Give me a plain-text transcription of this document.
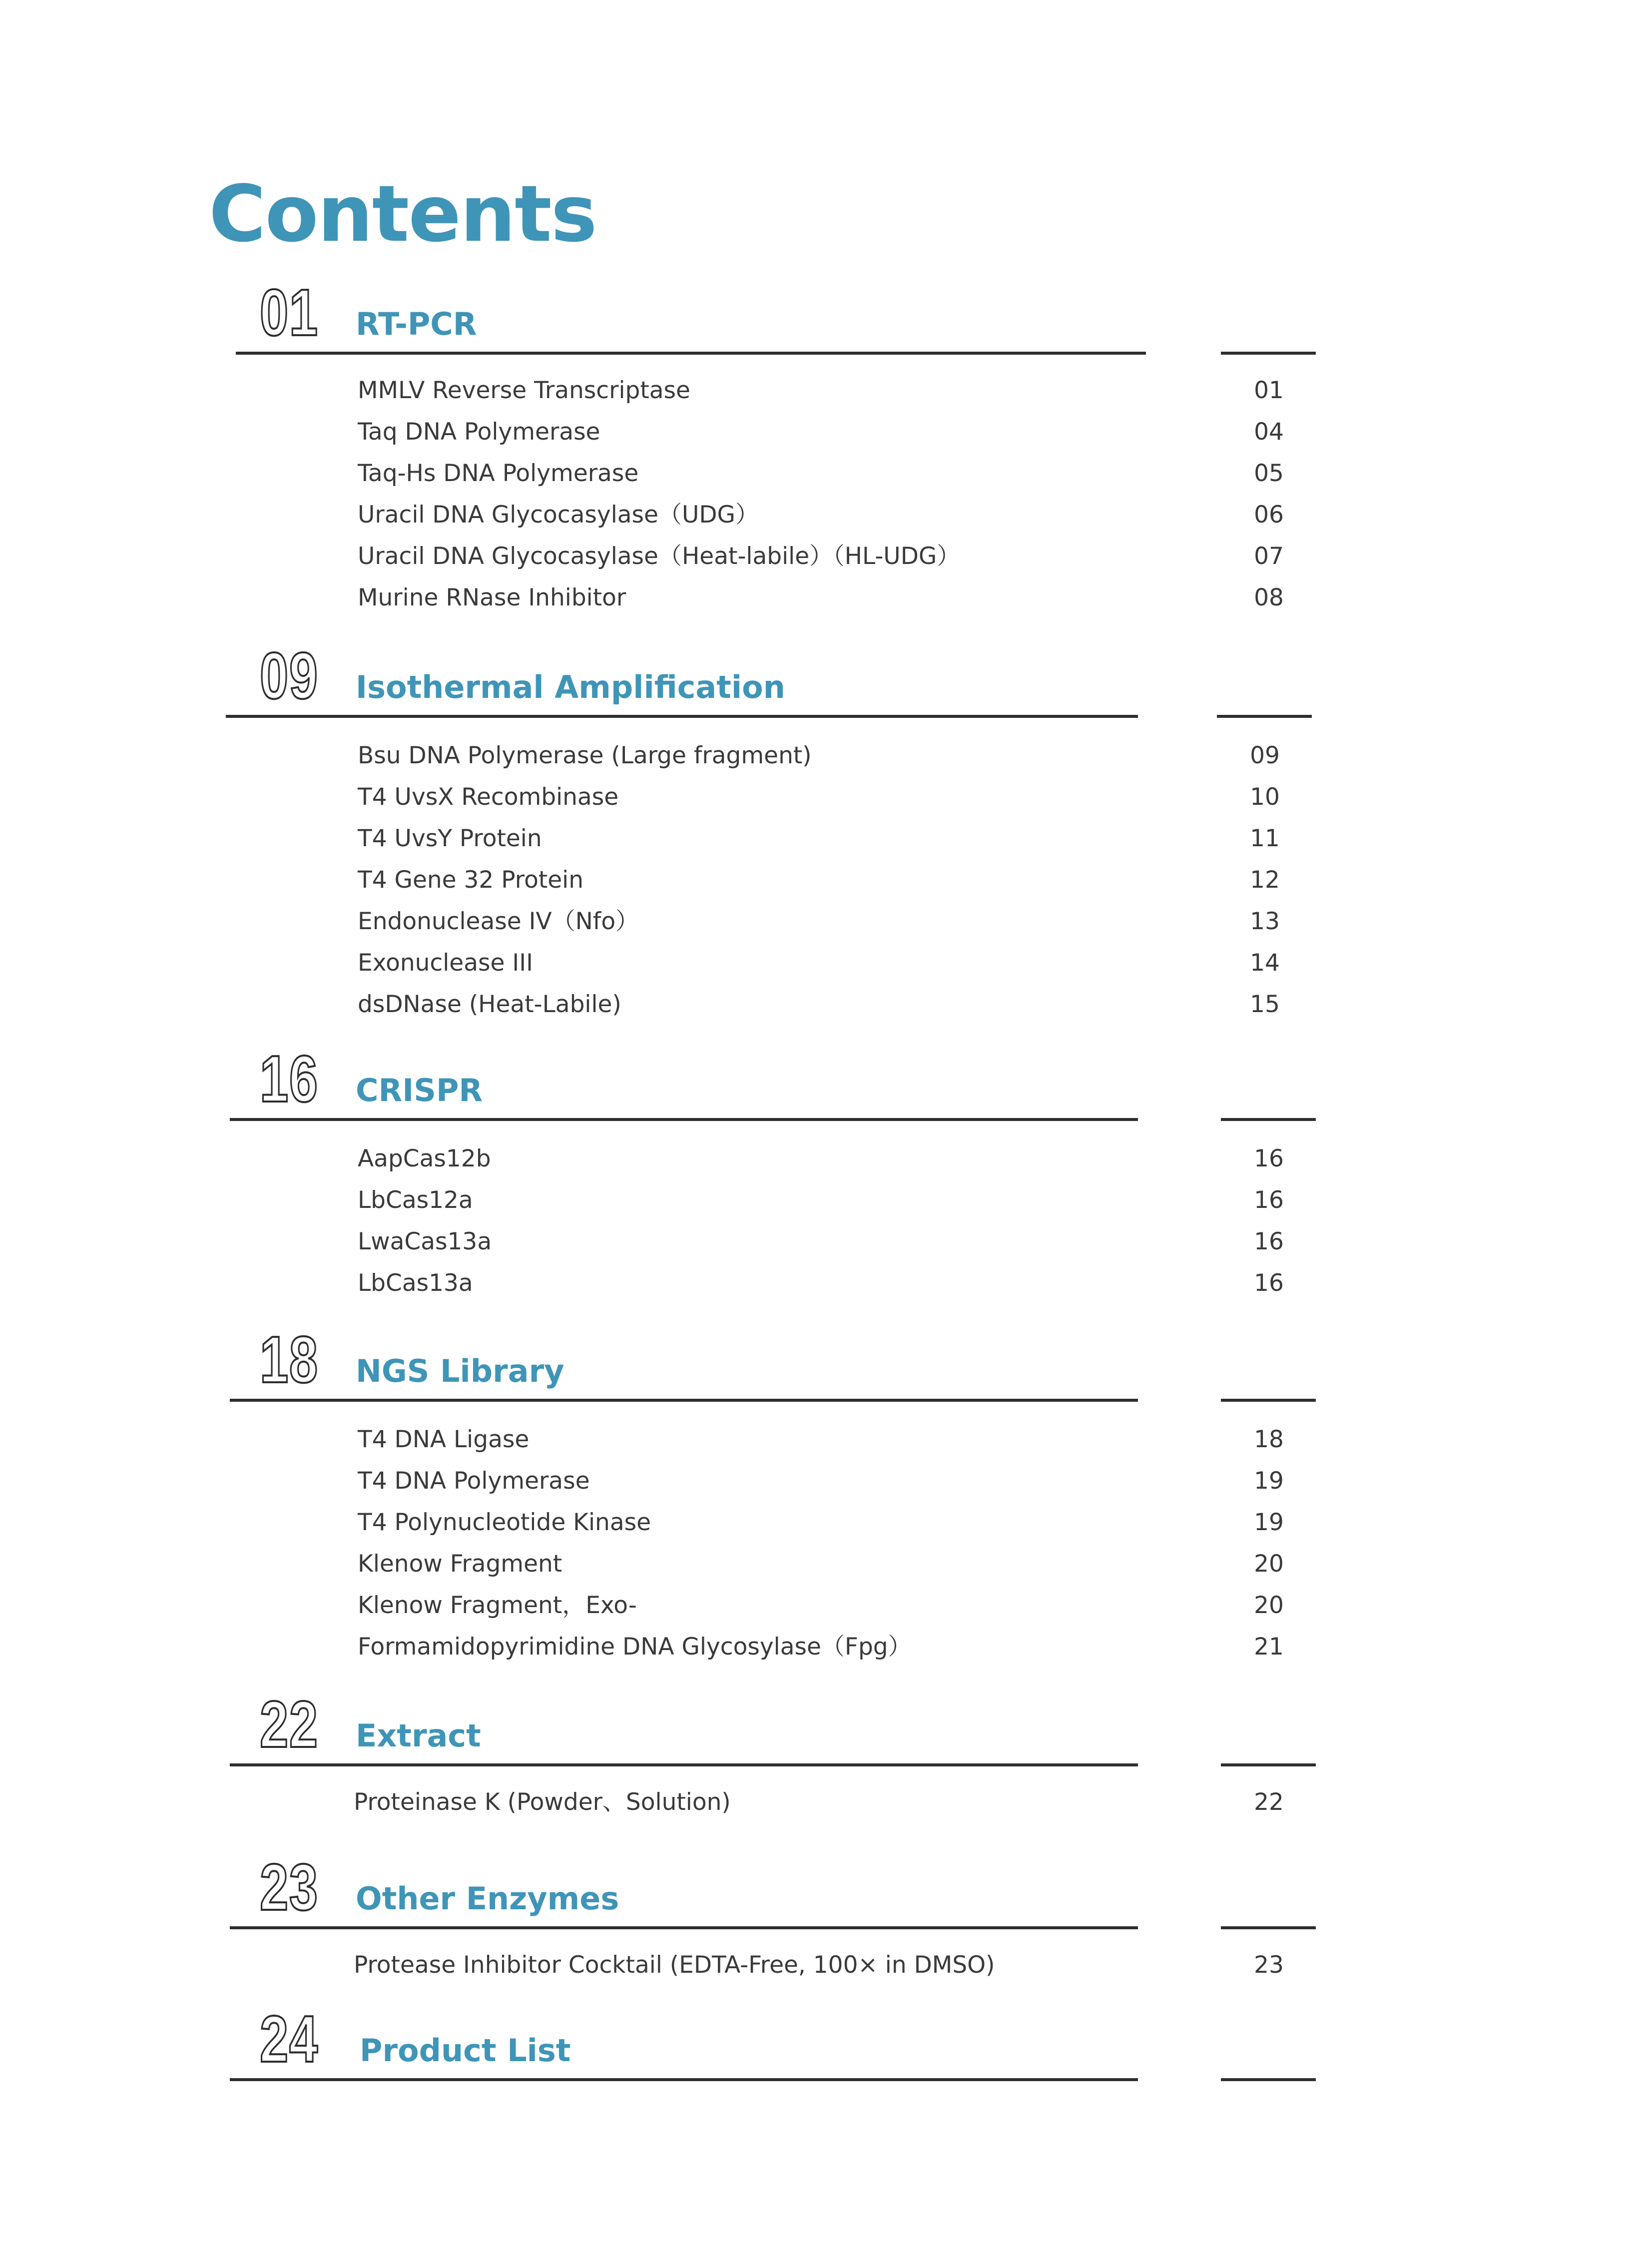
Contents
01 RT-PCR
MMLV Reverse Transcriptase	01
Taq DNA Polymerase	04
Taq-Hs DNA Polymerase	05
Uracil DNA Glycocasylase（UDG）	06
Uracil DNA Glycocasylase（Heat-labile）（HL-UDG）	07
Murine RNase Inhibitor	08
09 Isothermal Amplification
Bsu DNA Polymerase (Large fragment)	09
T4 UvsX Recombinase	10
T4 UvsY Protein	11
T4 Gene 32 Protein	12
Endonuclease IV（Nfo）	13
Exonuclease III	14
dsDNase (Heat-Labile)	15
16 CRISPR
AapCas12b	16
LbCas12a	16
LwaCas13a	16
LbCas13a	16
18 NGS Library
T4 DNA Ligase	18
T4 DNA Polymerase	19
T4 Polynucleotide Kinase	19
Klenow Fragment	20
Klenow Fragment，Exo-	20
Formamidopyrimidine DNA Glycosylase（Fpg）	21
22 Extract
Proteinase K (Powder、Solution)	22
23 Other Enzymes
Protease Inhibitor Cocktail (EDTA-Free, 100× in DMSO)	23
24 Product List
